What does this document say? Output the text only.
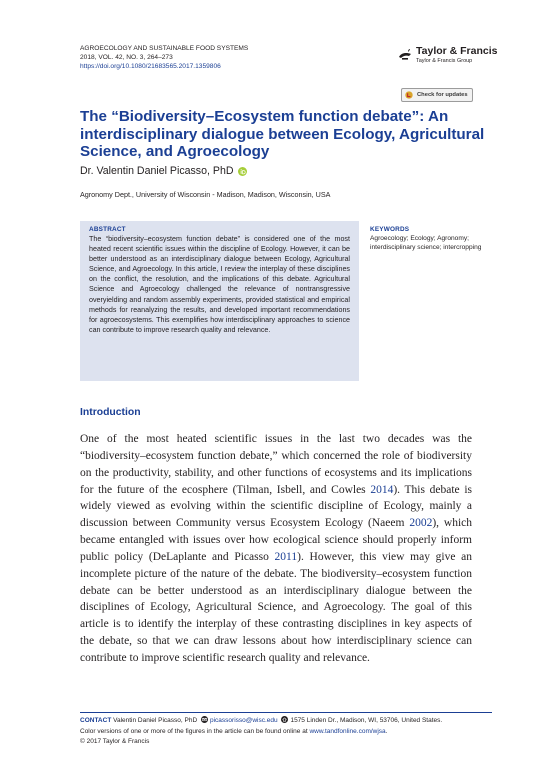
AGROECOLOGY AND SUSTAINABLE FOOD SYSTEMS
2018, VOL. 42, NO. 3, 264–273
https://doi.org/10.1080/21683565.2017.1359806
Taylor & Francis
Taylor & Francis Group
Check for updates
The “Biodiversity–Ecosystem function debate”: An interdisciplinary dialogue between Ecology, Agricultural Science, and Agroecology
Dr. Valentin Daniel Picasso, PhD
Agronomy Dept., University of Wisconsin - Madison, Madison, Wisconsin, USA
ABSTRACT

The “biodiversity–ecosystem function debate” is considered one of the most heated recent scientific issues within the discipline of Ecology. However, it can be better understood as an interdisciplinary dialogue between Ecology, Agricultural Science, and Agroecology. In this article, I review the interplay of these disciplines on the conflict, the resolution, and the implications of this debate. Agricultural Science and Agroecology challenged the relevance of nontransgressive overyielding and random assembly experiments, provided statistical and empirical methods for reanalyzing the results, and developed important recommendations for agroecosystems. This exemplifies how interdisciplinary approaches to science can contribute to improve research quality and relevance.

KEYWORDS
Agroecology; Ecology; Agronomy; interdisciplinary science; intercropping
Introduction

One of the most heated scientific issues in the last two decades was the “biodiversity–ecosystem function debate,” which concerned the role of biodiversity on the productivity, stability, and other functions of ecosystems and its implications for the future of the ecosphere (Tilman, Isbell, and Cowles 2014). This debate is widely viewed as evolving within the scientific discipline of Ecology, mainly a discussion between Community versus Ecosystem Ecology (Naeem 2002), which became entangled with issues over how ecological science should properly inform public policy (DeLaplante and Picasso 2011). However, this view may give an incomplete picture of the nature of the debate. The biodiversity–ecosystem function debate can be better understood as an interdisciplinary dialogue between the disciplines of Ecology, Agricultural Science, and Agroecology. The goal of this article is to identify the interplay of these contrasting disciplines in key aspects of the debate, so that we can draw lessons about how interdisciplinary science can contribute to improve scientific research quality and relevance.

CONTACT Valentin Daniel Picasso, PhD picassorisso@wisc.edu 1575 Linden Dr., Madison, WI, 53706, United States.
Color versions of one or more of the figures in the article can be found online at www.tandfonline.com/wjsa.
© 2017 Taylor & Francis
